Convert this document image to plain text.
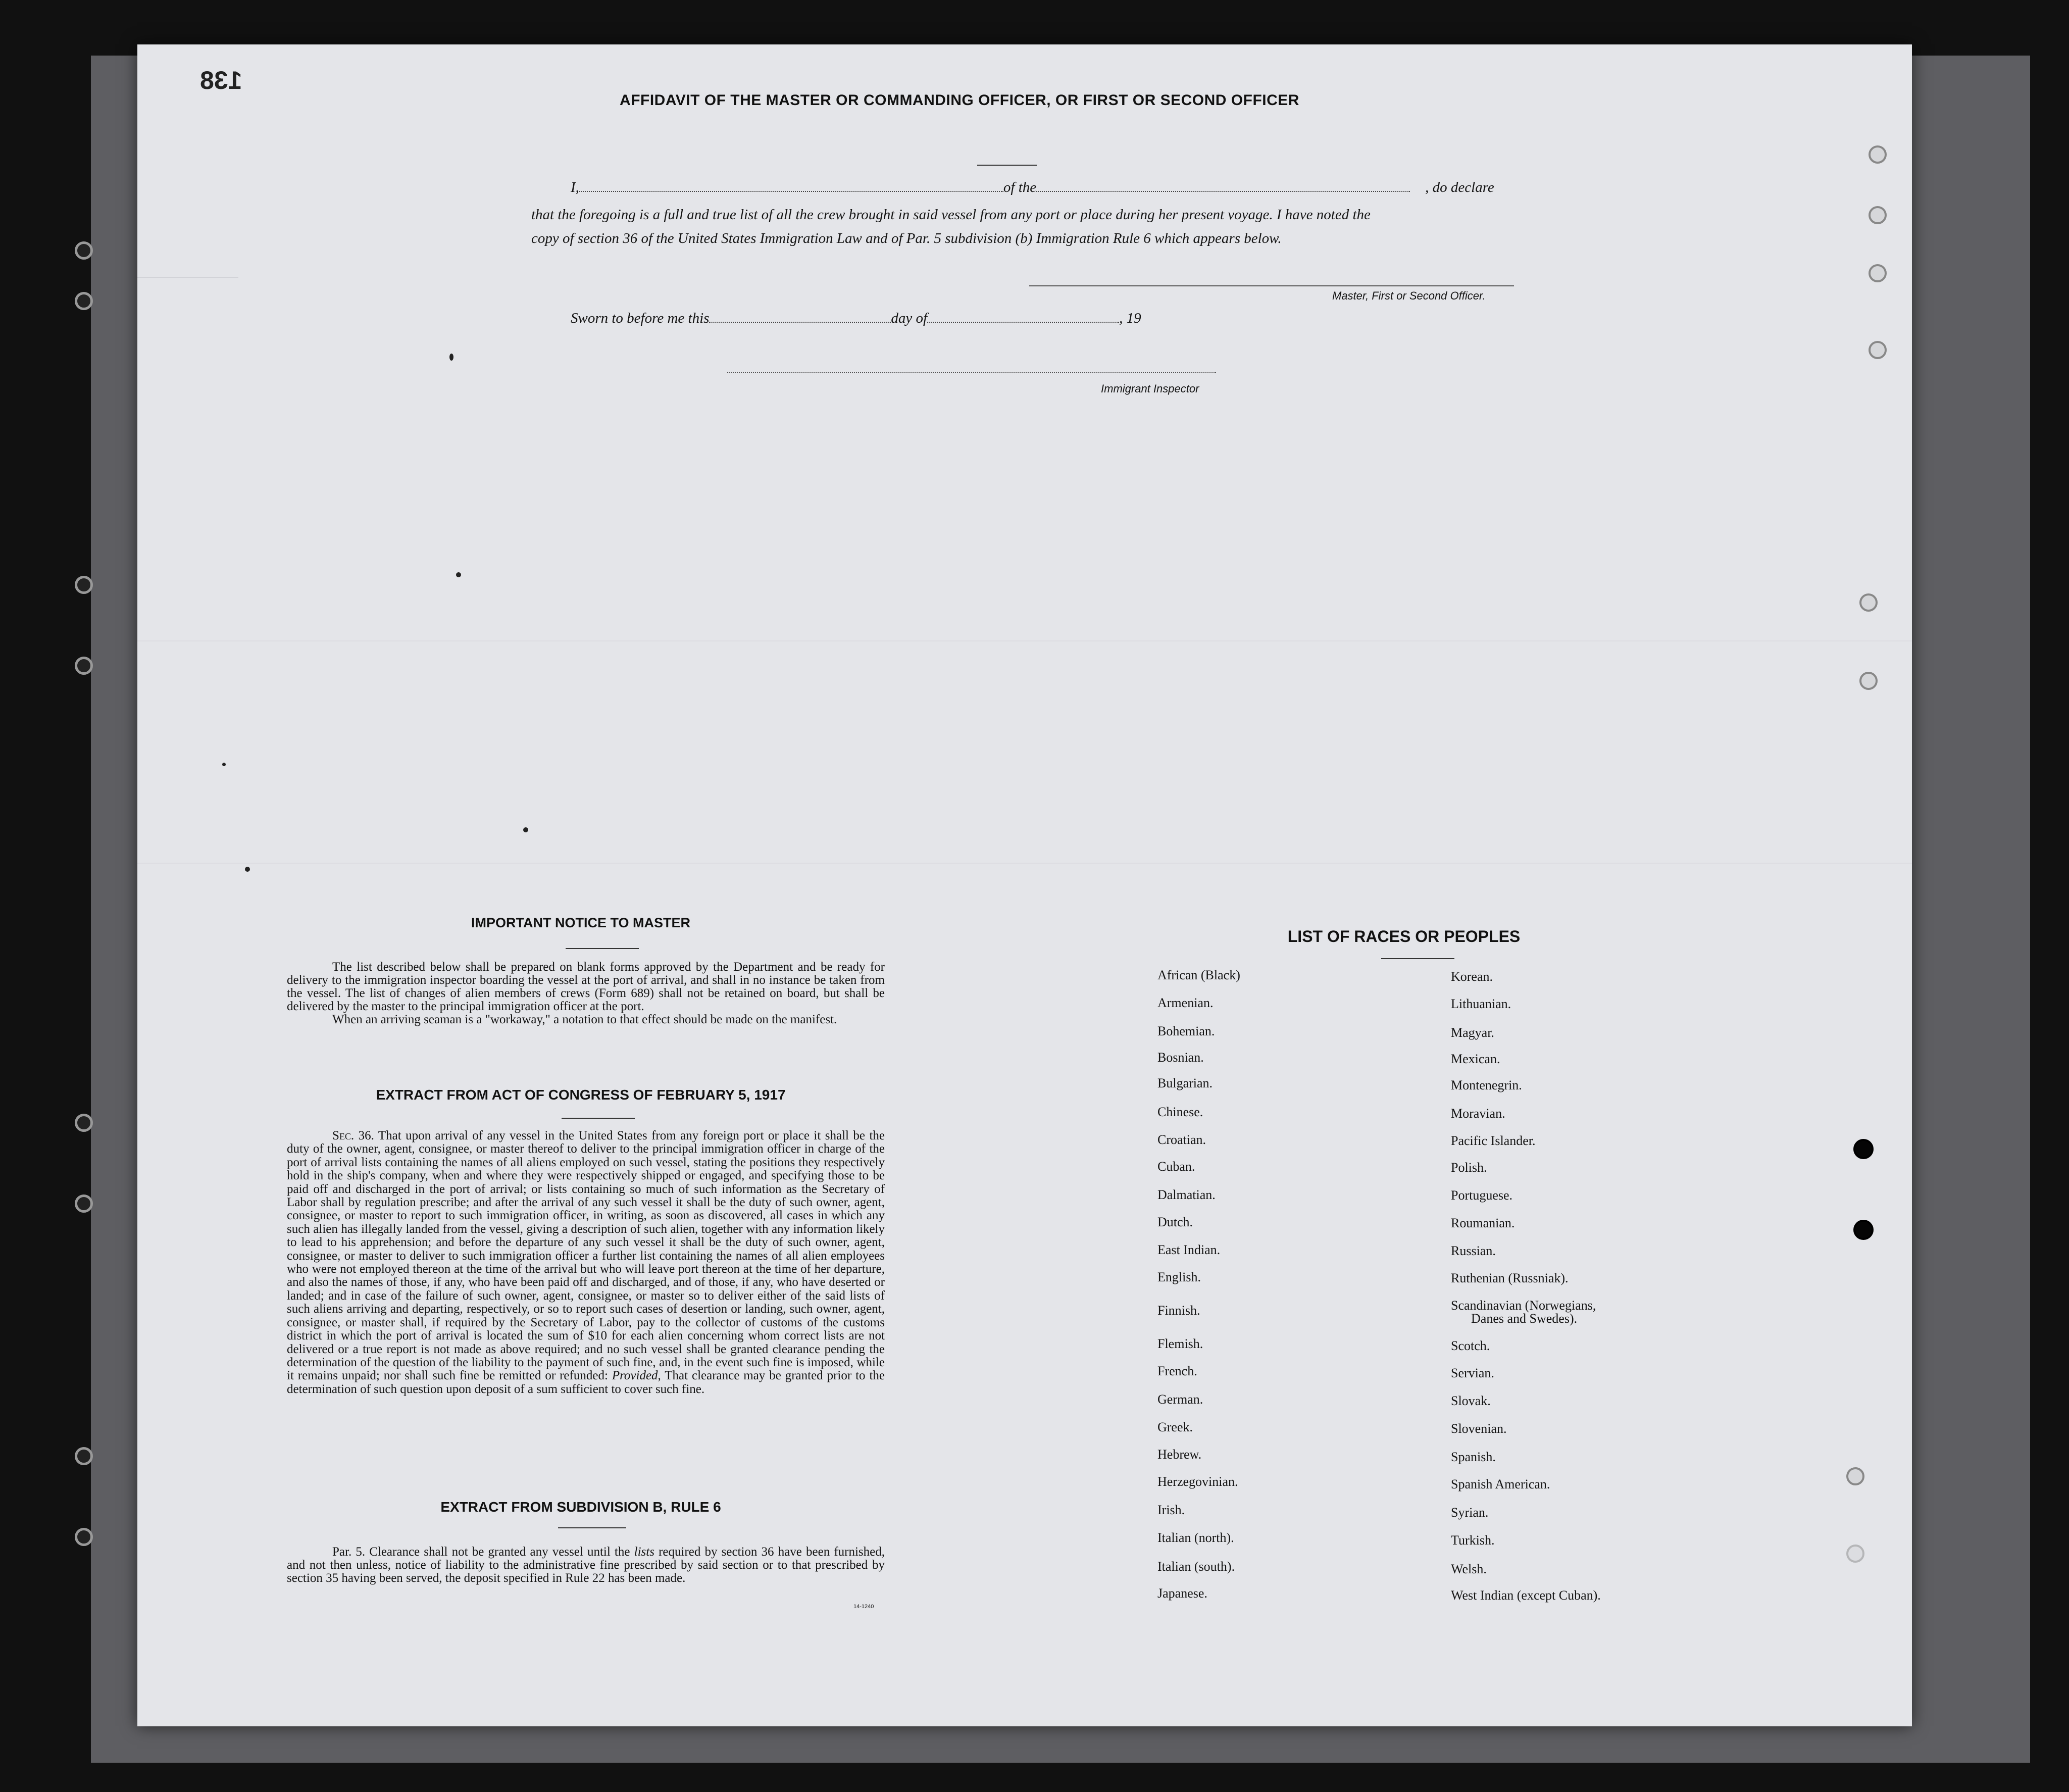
138
AFFIDAVIT OF THE MASTER OR COMMANDING OFFICER, OR FIRST OR SECOND OFFICER
I,	of the	, do declare
that the foregoing is a full and true list of all the crew brought in said vessel from any port or place during her present voyage. I have noted the
copy of section 36 of the United States Immigration Law and of Par. 5 subdivision (b) Immigration Rule 6 which appears below.
Master, First or Second Officer.
Sworn to before me this	day of	, 19
Immigrant Inspector
IMPORTANT NOTICE TO MASTER

The list described below shall be prepared on blank forms approved by the Department and be ready for delivery to the immigration inspector boarding the vessel at the port of arrival, and shall in no instance be taken from the vessel. The list of changes of alien members of crews (Form 689) shall not be retained on board, but shall be delivered by the master to the principal immigration officer at the port.

When an arriving seaman is a "workaway," a notation to that effect should be made on the manifest.

EXTRACT FROM ACT OF CONGRESS OF FEBRUARY 5, 1917

Sec. 36. That upon arrival of any vessel in the United States from any foreign port or place it shall be the duty of the owner, agent, consignee, or master thereof to deliver to the principal immigration officer in charge of the port of arrival lists containing the names of all aliens employed on such vessel, stating the positions they respectively hold in the ship's company, when and where they were respectively shipped or engaged, and specifying those to be paid off and discharged in the port of arrival; or lists containing so much of such information as the Secretary of Labor shall by regulation prescribe; and after the arrival of any such vessel it shall be the duty of such owner, agent, consignee, or master to report to such immigration officer, in writing, as soon as discovered, all cases in which any such alien has illegally landed from the vessel, giving a description of such alien, together with any information likely to lead to his apprehension; and before the departure of any such vessel it shall be the duty of such owner, agent, consignee, or master to deliver to such immigration officer a further list containing the names of all alien employees who were not employed thereon at the time of the arrival but who will leave port thereon at the time of her departure, and also the names of those, if any, who have been paid off and discharged, and of those, if any, who have deserted or landed; and in case of the failure of such owner, agent, consignee, or master so to deliver either of the said lists of such aliens arriving and departing, respectively, or so to report such cases of desertion or landing, such owner, agent, consignee, or master shall, if required by the Secretary of Labor, pay to the collector of customs of the customs district in which the port of arrival is located the sum of $10 for each alien concerning whom correct lists are not delivered or a true report is not made as above required; and no such vessel shall be granted clearance pending the determination of the question of the liability to the payment of such fine, and, in the event such fine is imposed, while it remains unpaid; nor shall such fine be remitted or refunded: Provided, That clearance may be granted prior to the determination of such question upon deposit of a sum sufficient to cover such fine.

EXTRACT FROM SUBDIVISION B, RULE 6

Par. 5. Clearance shall not be granted any vessel until the lists required by section 36 have been furnished, and not then unless, notice of liability to the administrative fine prescribed by said section or to that prescribed by section 35 having been served, the deposit specified in Rule 22 has been made.

14-1240
LIST OF RACES OR PEOPLES
African (Black)
Armenian.
Bohemian.
Bosnian.
Bulgarian.
Chinese.
Croatian.
Cuban.
Dalmatian.
Dutch.
East Indian.
English.
Finnish.
Flemish.
French.
German.
Greek.
Hebrew.
Herzegovinian.
Irish.
Italian (north).
Italian (south).
Japanese.
Korean.
Lithuanian.
Magyar.
Mexican.
Montenegrin.
Moravian.
Pacific Islander.
Polish.
Portuguese.
Roumanian.
Russian.
Ruthenian (Russniak).
Scandinavian (Norwegians,
Danes and Swedes).
Scotch.
Servian.
Slovak.
Slovenian.
Spanish.
Spanish American.
Syrian.
Turkish.
Welsh.
West Indian (except Cuban).
